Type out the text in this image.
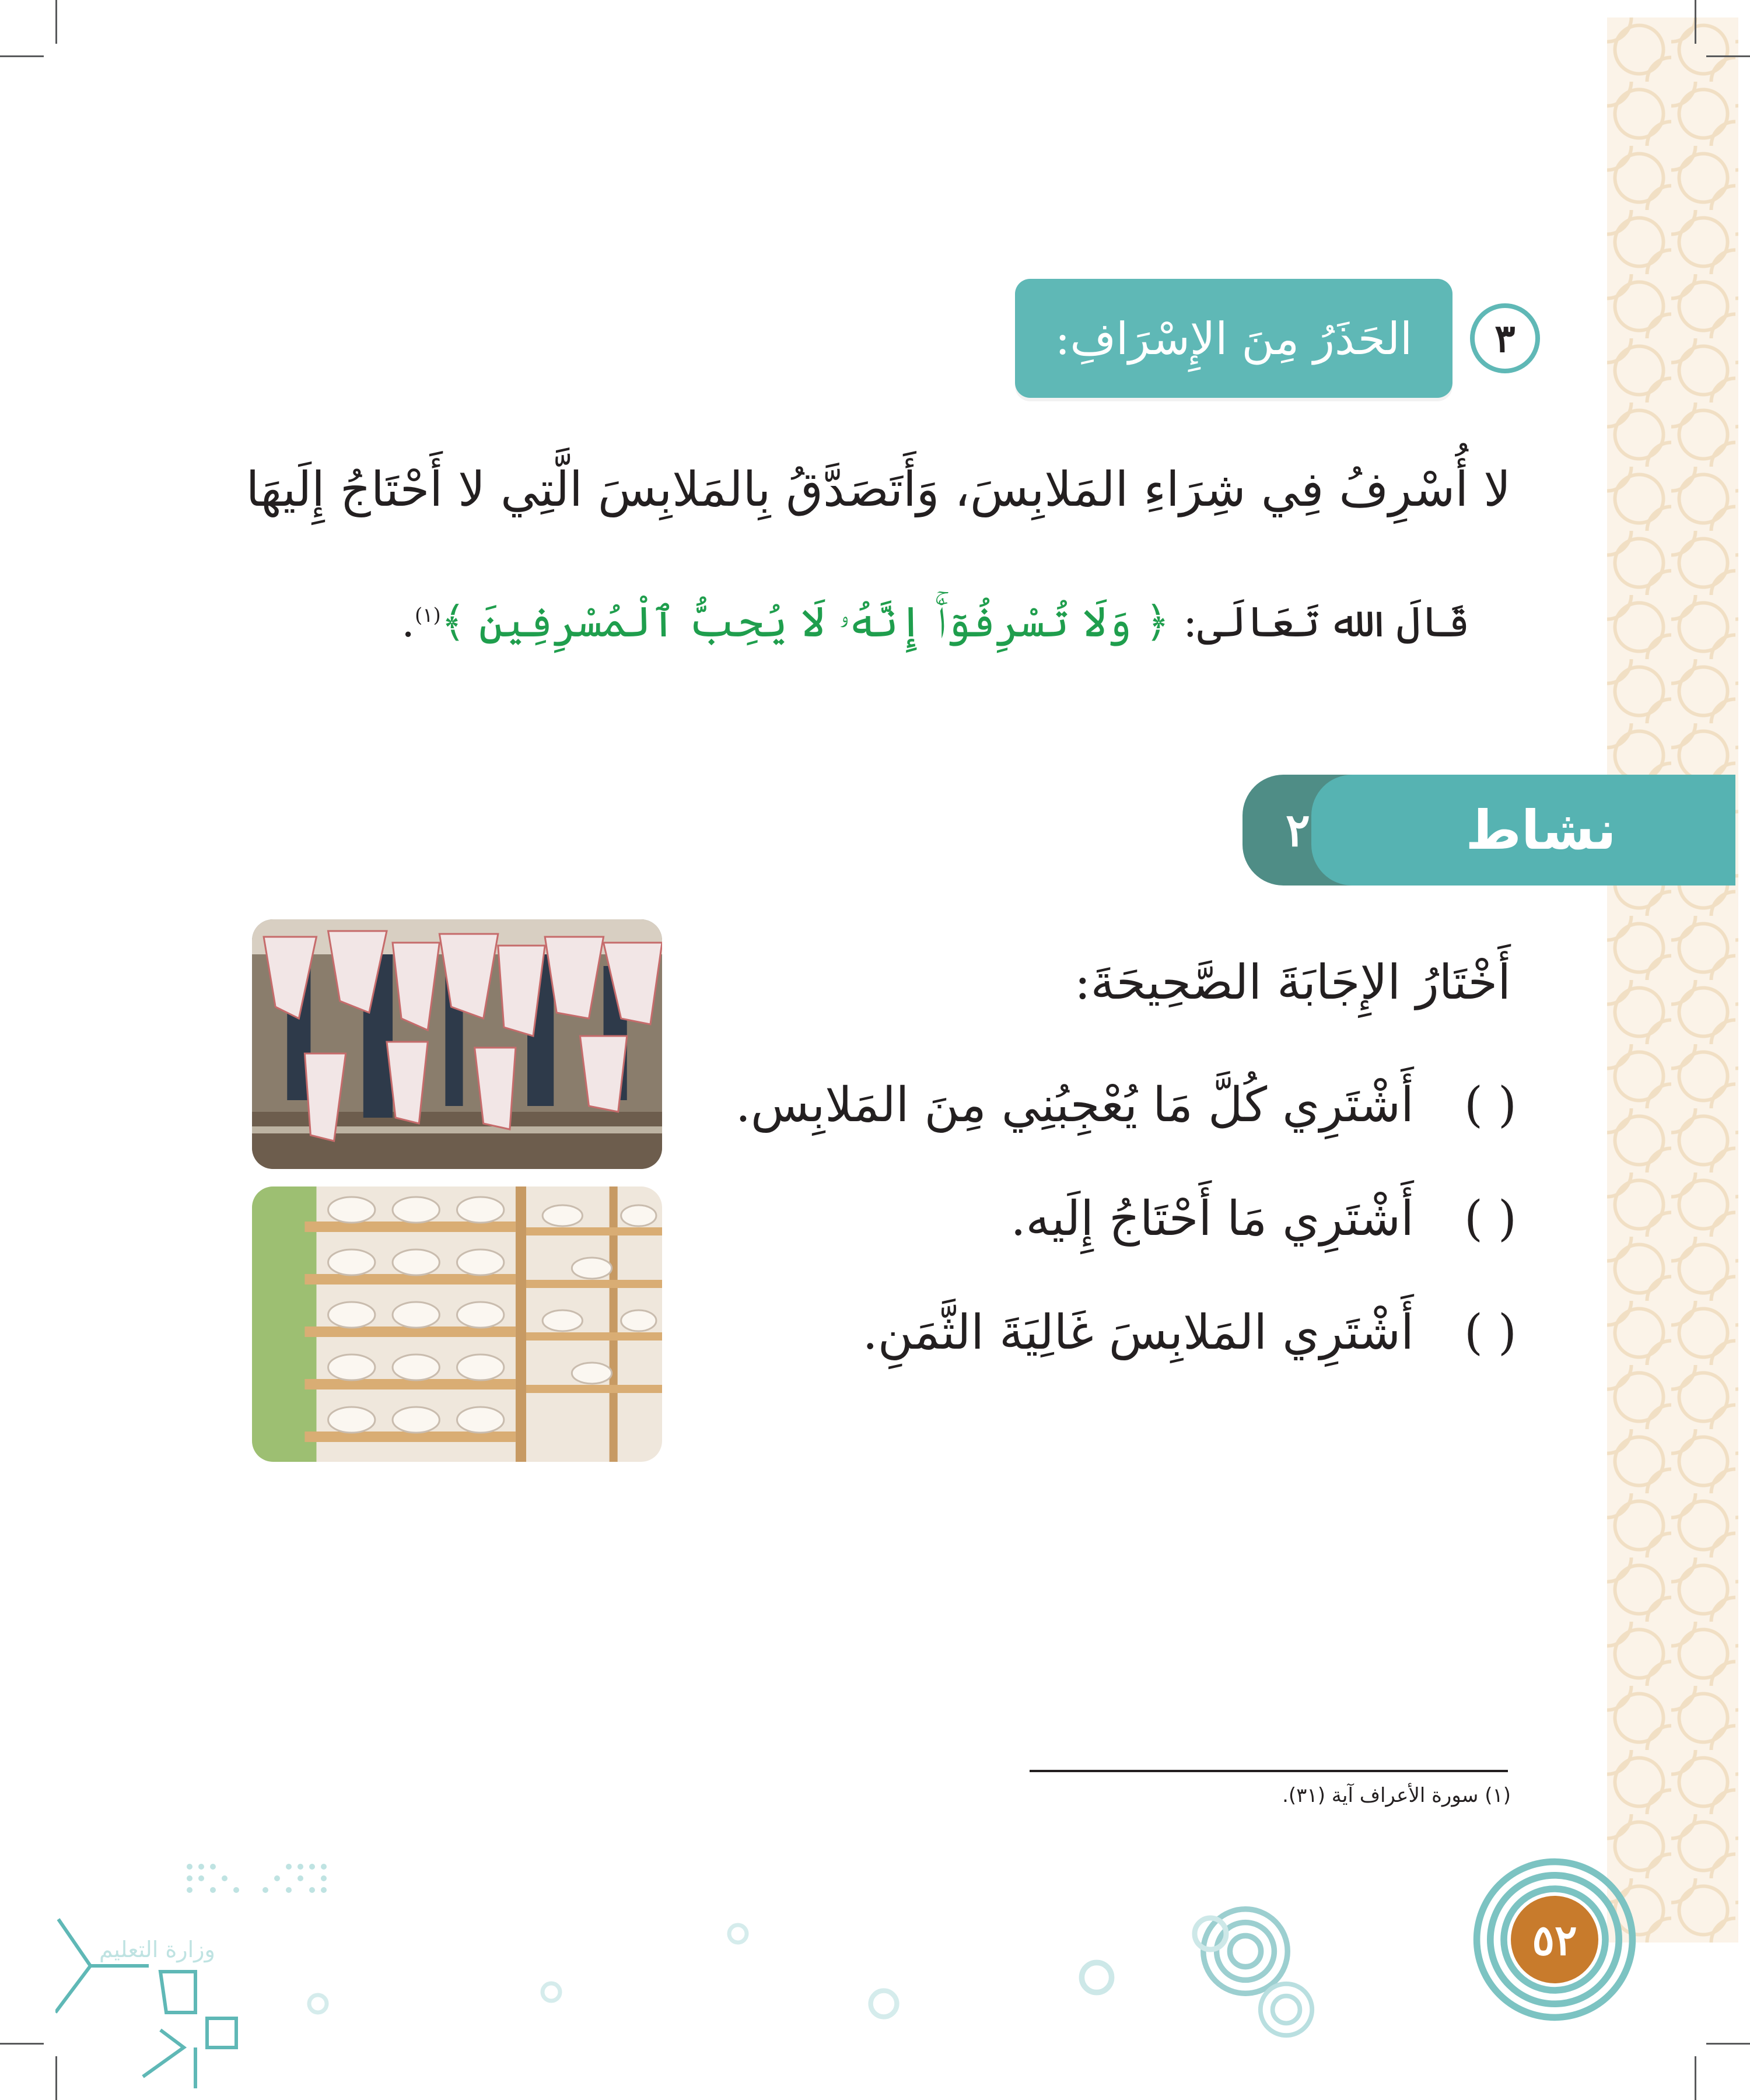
الحَذَرُ مِنَ الإِسْرَافِ:	٣
لا أُسْرِفُ فِي شِرَاءِ المَلابِسَ، وَأَتَصَدَّقُ بِالمَلابِسَ الَّتِي لا أَحْتَاجُ إِلَيهَا
قَالَ الله تَعَالَى: ﴿ وَلَا تُسْرِفُوٓاْۚ إِنَّهُۥ لَا يُحِبُّ ٱلْمُسْرِفِينَ ﴾$^{(١)}$.
نشاط
٢
أَخْتَارُ الإِجَابَةَ الصَّحِيحَةَ:
( ) أَشْتَرِي كُلَّ مَا يُعْجِبُنِي مِنَ المَلابِس.
( ) أَشْتَرِي مَا أَحْتَاجُ إِلَيه.
( ) أَشْتَرِي المَلابِسَ غَالِيَةَ الثَّمَنِ.
(١) سورة الأعراف آية (٣١).
٥٢
وزارة التعليم
